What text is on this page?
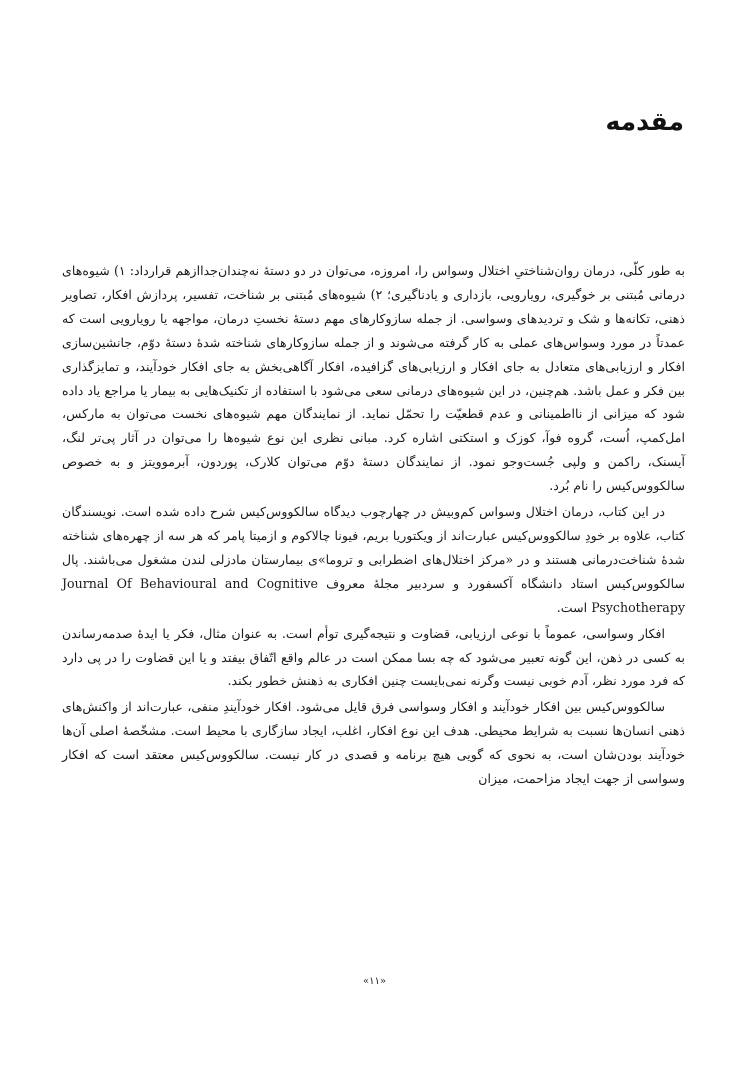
مقدمه

به طور کلّی، درمان روان‌شناختیِ اختلال وسواس را، امروزه، می‌توان در دو دستهٔ نه‌چندان‌جدااز‌هم قرارداد: ۱) شیوه‌های درمانی مُبتنی بر خوگیری، رویارویی، بازداری و یادناگیری؛ ۲) شیوه‌های مُبتنی بر شناخت، تفسیر، پردازش افکار، تصاویر ذهنی، تکانه‌ها و شک و تردیدهای وسواسی. از جمله سازوکارهای مهم دستهٔ نخستِ درمان، مواجهه یا رویارویی است که عمدتاً در مورد وسواس‌های عملی به کار گرفته می‌شوند و از جمله سازوکارهای شناخته شدهٔ دستهٔ دوّم، جانشین‌سازی افکار و ارزیابی‌های متعادل به جای افکار و ارزیابی‌های گزافیده، افکار آگاهی‌بخش به جای افکار خودآیند، و تمایزگذاری بین فکر و عمل باشد. هم‌چنین، در این شیوه‌های درمانی سعی می‌شود با استفاده از تکنیک‌هایی به بیمار یا مراجع یاد داده شود که میزانی از نااطمینانی و عدم قطعیّت را تحمّل نماید. از نمایندگان مهم شیوه‌های نخست می‌توان به مارکس، امل‌کمپ، اُست، گروه فوآ، کوزک و استکتی اشاره کرد. مبانی نظری این نوع شیوه‌ها را می‌توان در آثار پی‌تر لنگ، آیسنک، راکمن و ولپی جُست‌وجو نمود. از نمایندگان دستهٔ دوّم می‌توان کلارک، پوردون، آبرموویتز و به خصوص سالکووس‌کیس را نام بُرد.

در این کتاب، درمان اختلال وسواس کم‌وبیش در چهارچوب دیدگاه سالکووس‌کیس شرح داده شده است. نویسندگان کتاب، علاوه بر خودِ سالکووس‌کیس عبارت‌اند از ویکتوریا بریم، فیونا چالاکوم و ازمیتا پامر که هر سه از چهره‌های شناخته شدهٔ شناخت‌درمانی هستند و در «مرکز اختلال‌های اضطرابی و تروما»ی بیمارستان مادزلی لندن مشغول می‌باشند. پال سالکووس‌کیس استاد دانشگاه آکسفورد و سردبیر مجلهٔ معروف Journal Of Behavioural and Cognitive Psychotherapy است.

افکار وسواسی، عموماً با نوعی ارزیابی، قضاوت و نتیجه‌گیری توأم است. به عنوان مثال، فکر یا ایدهٔ صدمه‌رساندن به کسی در ذهن، این گونه تعبیر می‌شود که چه بسا ممکن است در عالم واقع اتّفاق بیفتد و یا این قضاوت را در پی دارد که فرد مورد نظر، آدم خوبی نیست وگرنه نمی‌بایست چنین افکاری به ذهنش خطور بکند.

سالکووس‌کیس بین افکار خودآیند و افکار وسواسی فرق قایل می‌شود. افکار خودآیندِ منفی، عبارت‌اند از واکنش‌های ذهنی انسان‌ها نسبت به شرایط محیطی. هدف این نوع افکار، اغلب، ایجاد سازگاری با محیط است. مشخّصهٔ اصلی آن‌ها خودآیند بودن‌شان است، به نحوی که گویی هیچ برنامه و قصدی در کار نیست. سالکووس‌کیس معتقد است که افکار وسواسی از جهت ایجاد مزاحمت، میزان

«۱۱»
